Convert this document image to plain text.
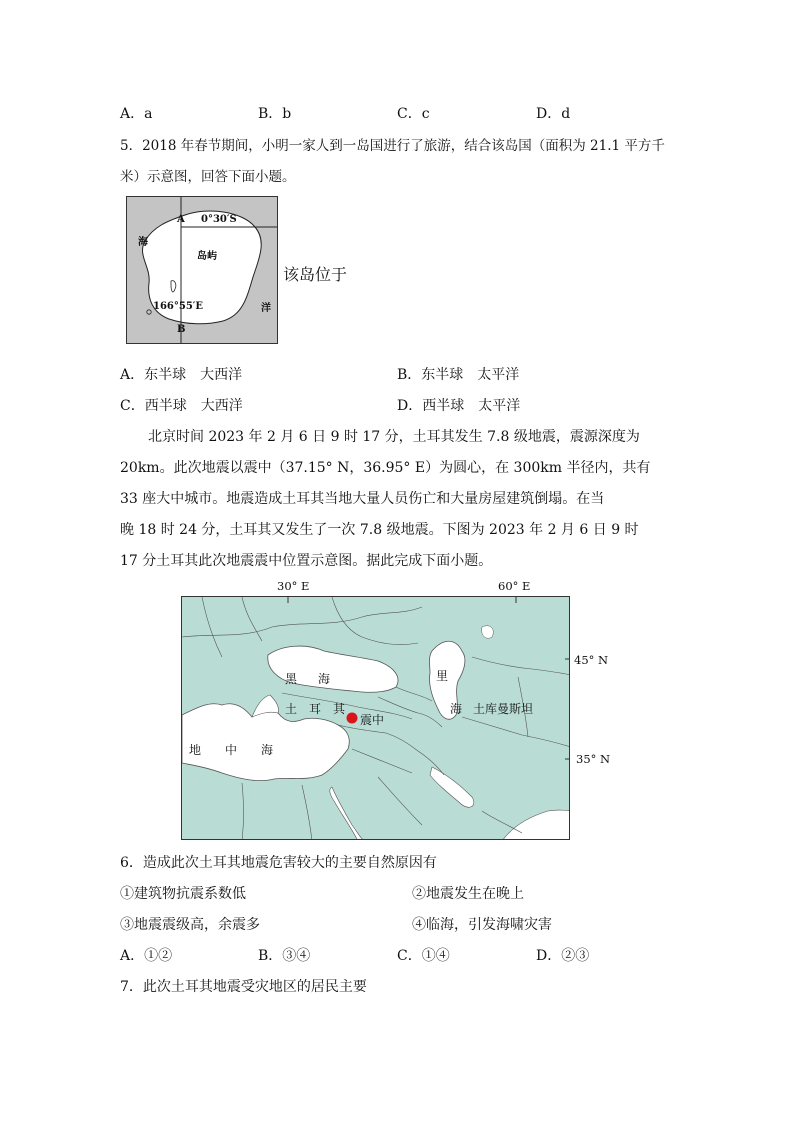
A．a	B．b	C．c	D．d
5．2018 年春节期间，小明一家人到一岛国进行了旅游，结合该岛国（面积为 21.1 平方千
米）示意图，回答下面小题。
A 0°30′S
海
岛屿
166°55′E	洋
B
该岛位于
A．东半球　大西洋	B．东半球　太平洋
C．西半球　大西洋	D．西半球　太平洋
北京时间 2023 年 2 月 6 日 9 时 17 分，土耳其发生 7.8 级地震，震源深度为
20km。此次地震以震中（37.15° N，36.95° E）为圆心，在 300km 半径内，共有
33 座大中城市。地震造成土耳其当地大量人员伤亡和大量房屋建筑倒塌。在当
晚 18 时 24 分，土耳其又发生了一次 7.8 级地震。下图为 2023 年 2 月 6 日 9 时
17 分土耳其此次地震震中位置示意图。据此完成下面小题。
30° E	60° E
45° N
35° N
黑 海	里
海 土库曼斯坦
土　耳　其
震中
地　　中　　海
6．造成此次土耳其地震危害较大的主要自然原因有
①建筑物抗震系数低	②地震发生在晚上
③地震震级高，余震多	④临海，引发海啸灾害
A．①②	B．③④	C．①④	D．②③
7．此次土耳其地震受灾地区的居民主要
